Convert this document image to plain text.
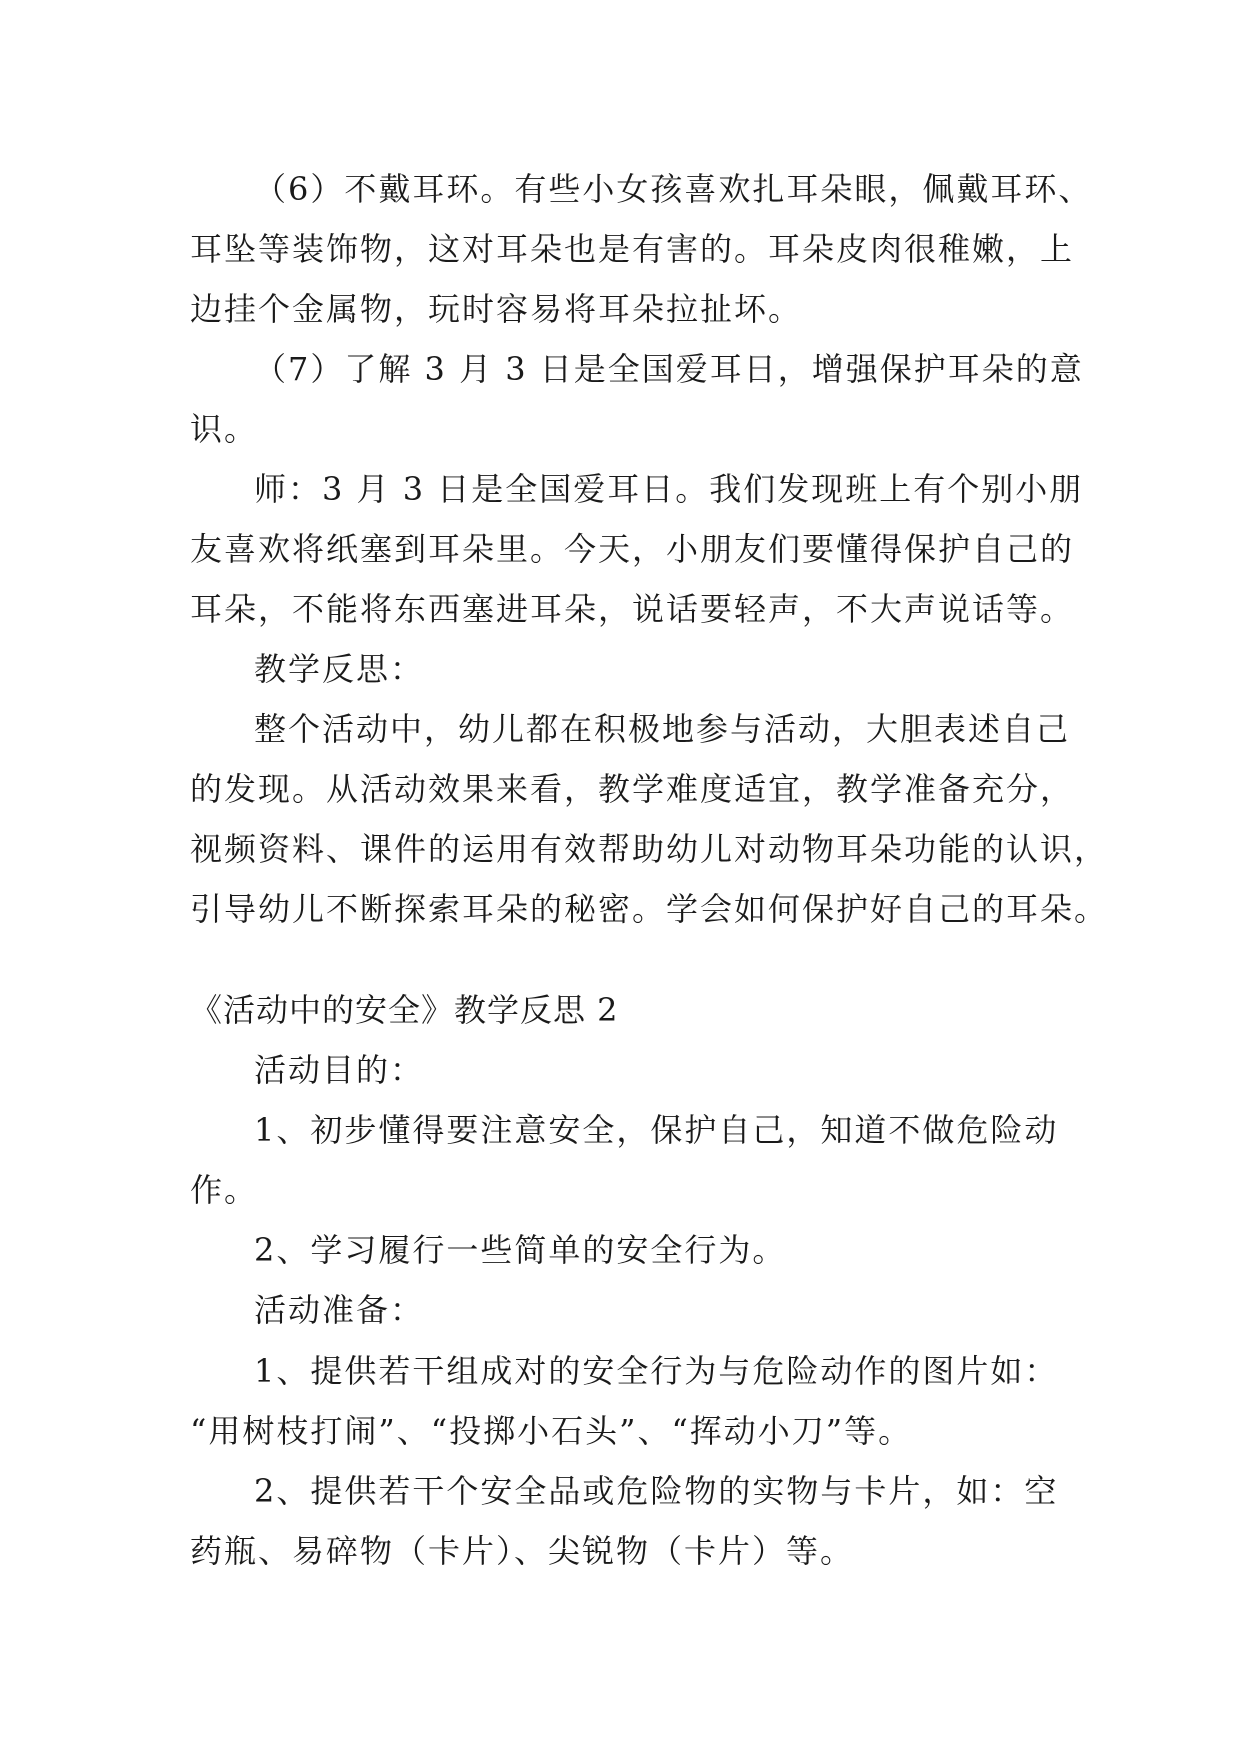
（6）不戴耳环。有些小女孩喜欢扎耳朵眼，佩戴耳环、
耳坠等装饰物，这对耳朵也是有害的。耳朵皮肉很稚嫩，上
边挂个金属物，玩时容易将耳朵拉扯坏。
（7）了解 3 月 3 日是全国爱耳日，增强保护耳朵的意
识。
师：3 月 3 日是全国爱耳日。我们发现班上有个别小朋
友喜欢将纸塞到耳朵里。今天，小朋友们要懂得保护自己的
耳朵，不能将东西塞进耳朵，说话要轻声，不大声说话等。
教学反思：
整个活动中，幼儿都在积极地参与活动，大胆表述自己
的发现。从活动效果来看，教学难度适宜，教学准备充分，
视频资料、课件的运用有效帮助幼儿对动物耳朵功能的认识，
引导幼儿不断探索耳朵的秘密。学会如何保护好自己的耳朵。
《活动中的安全》教学反思 2
活动目的：
1、初步懂得要注意安全，保护自己，知道不做危险动
作。
2、学习履行一些简单的安全行为。
活动准备：
1、提供若干组成对的安全行为与危险动作的图片如：
“用树枝打闹”、“投掷小石头”、“挥动小刀”等。
2、提供若干个安全品或危险物的实物与卡片，如：空
药瓶、易碎物（卡片）、尖锐物（卡片）等。
